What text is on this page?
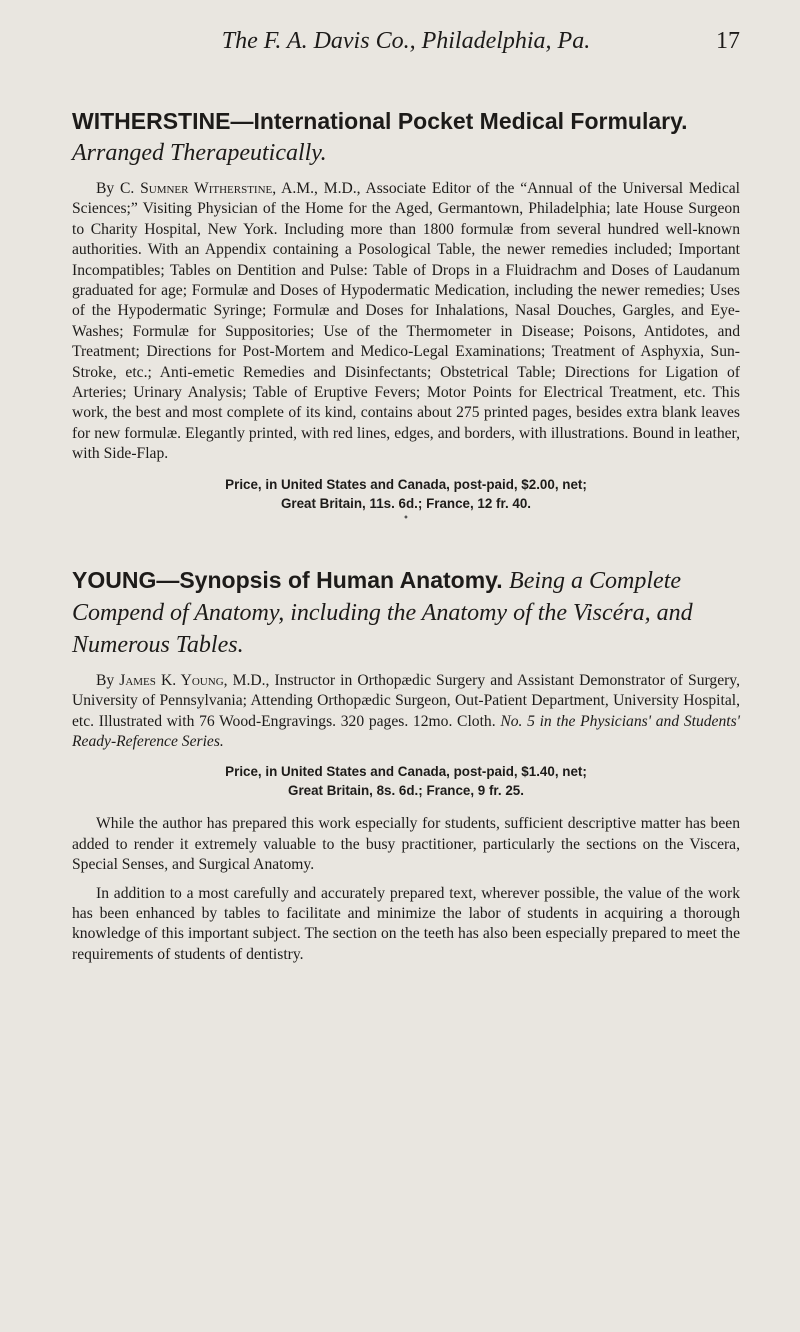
The F. A. Davis Co., Philadelphia, Pa.	17
WITHERSTINE—International Pocket Medical Formulary. Arranged Therapeutically.

By C. Sumner Witherstine, A.M., M.D., Associate Editor of the “Annual of the Universal Medical Sciences;” Visiting Physician of the Home for the Aged, Germantown, Philadelphia; late House Surgeon to Charity Hospital, New York. Including more than 1800 formulæ from several hundred well-known authorities. With an Appendix containing a Posological Table, the newer remedies included; Important Incompatibles; Tables on Dentition and Pulse: Table of Drops in a Fluidrachm and Doses of Laudanum graduated for age; Formulæ and Doses of Hypodermatic Medication, including the newer remedies; Uses of the Hypodermatic Syringe; Formulæ and Doses for Inhalations, Nasal Douches, Gargles, and Eye-Washes; Formulæ for Suppositories; Use of the Thermometer in Disease; Poisons, Antidotes, and Treatment; Directions for Post-Mortem and Medico-Legal Examinations; Treatment of Asphyxia, Sun-Stroke, etc.; Anti-emetic Remedies and Disinfectants; Obstetrical Table; Directions for Ligation of Arteries; Urinary Analysis; Table of Eruptive Fevers; Motor Points for Electrical Treatment, etc. This work, the best and most complete of its kind, contains about 275 printed pages, besides extra blank leaves for new formulæ. Elegantly printed, with red lines, edges, and borders, with illustrations. Bound in leather, with Side-Flap.

Price, in United States and Canada, post-paid, $2.00, net;
Great Britain, 11s. 6d.; France, 12 fr. 40.
•
YOUNG—Synopsis of Human Anatomy. Being a Complete Compend of Anatomy, including the Anatomy of the Viscéra, and Numerous Tables.

By James K. Young, M.D., Instructor in Orthopædic Surgery and Assistant Demonstrator of Surgery, University of Pennsylvania; Attending Orthopædic Surgeon, Out-Patient Department, University Hospital, etc. Illustrated with 76 Wood-Engravings. 320 pages. 12mo. Cloth. No. 5 in the Physicians' and Students' Ready-Reference Series.

Price, in United States and Canada, post-paid, $1.40, net;
Great Britain, 8s. 6d.; France, 9 fr. 25.

While the author has prepared this work especially for students, sufficient descriptive matter has been added to render it extremely valuable to the busy practitioner, particularly the sections on the Viscera, Special Senses, and Surgical Anatomy.

In addition to a most carefully and accurately prepared text, wherever possible, the value of the work has been enhanced by tables to facilitate and minimize the labor of students in acquiring a thorough knowledge of this important subject. The section on the teeth has also been especially prepared to meet the requirements of students of dentistry.
